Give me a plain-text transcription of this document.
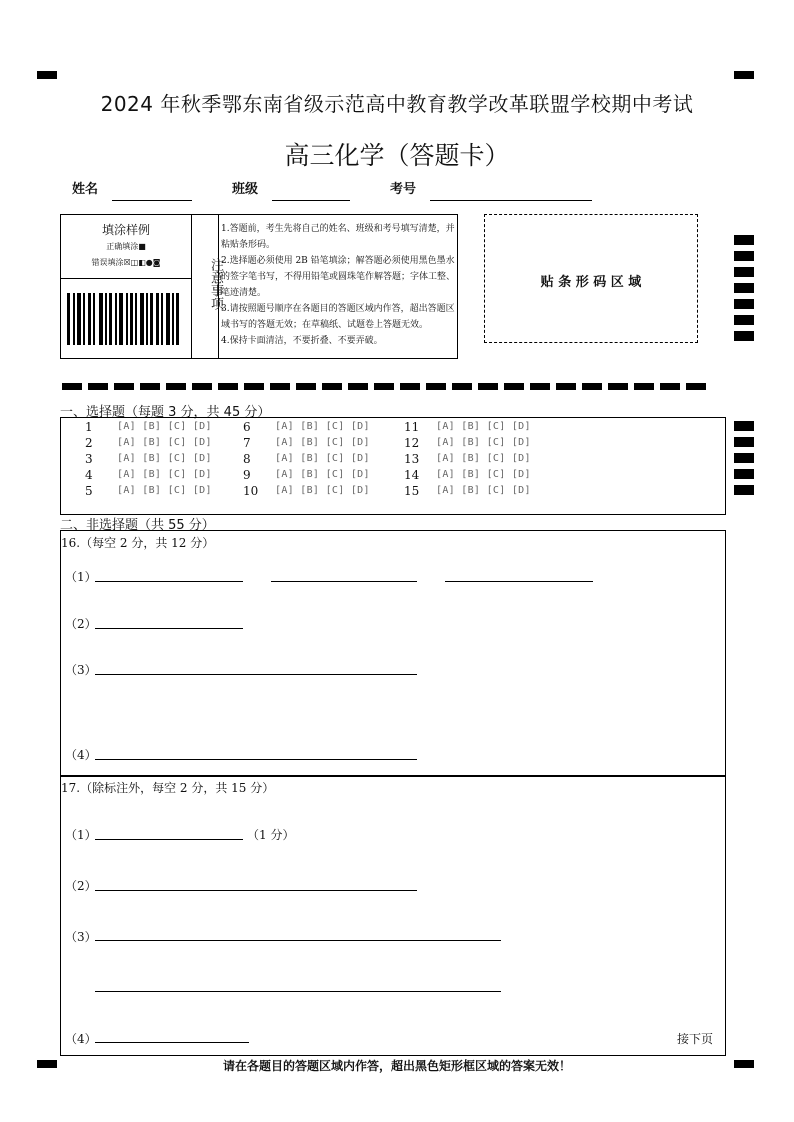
2024 年秋季鄂东南省级示范高中教育教学改革联盟学校期中考试
高三化学（答题卡）
姓名	班级	考号
填涂样例
正确填涂■
错误填涂☒◫◧●◙	注意事项
1.答题前，考生先将自己的姓名、班级和考号填写清楚，并粘贴条形码。
2.选择题必须使用 2B 铅笔填涂；解答题必须使用黑色墨水的签字笔书写，不得用铅笔或圆珠笔作解答题；字体工整、笔迹清楚。
3.请按照题号顺序在各题目的答题区域内作答，超出答题区域书写的答题无效；在草稿纸、试题卷上答题无效。
4.保持卡面清洁，不要折叠、不要弄破。
贴 条 形 码 区 域
一、选择题（每题 3 分，共 45 分）
1	[A] [B] [C] [D]
2	[A] [B] [C] [D]
3	[A] [B] [C] [D]
4	[A] [B] [C] [D]
5	[A] [B] [C] [D]
6	[A] [B] [C] [D]
7	[A] [B] [C] [D]
8	[A] [B] [C] [D]
9	[A] [B] [C] [D]
10	[A] [B] [C] [D]
11	[A] [B] [C] [D]
12	[A] [B] [C] [D]
13	[A] [B] [C] [D]
14	[A] [B] [C] [D]
15	[A] [B] [C] [D]
二、非选择题（共 55 分）
16.（每空 2 分，共 12 分）
（1）
（2）
（3）
（4）
17.（除标注外，每空 2 分，共 15 分）
（1）	（1 分）
（2）
（3）
（4）	接下页
请在各题目的答题区域内作答，超出黑色矩形框区域的答案无效！
